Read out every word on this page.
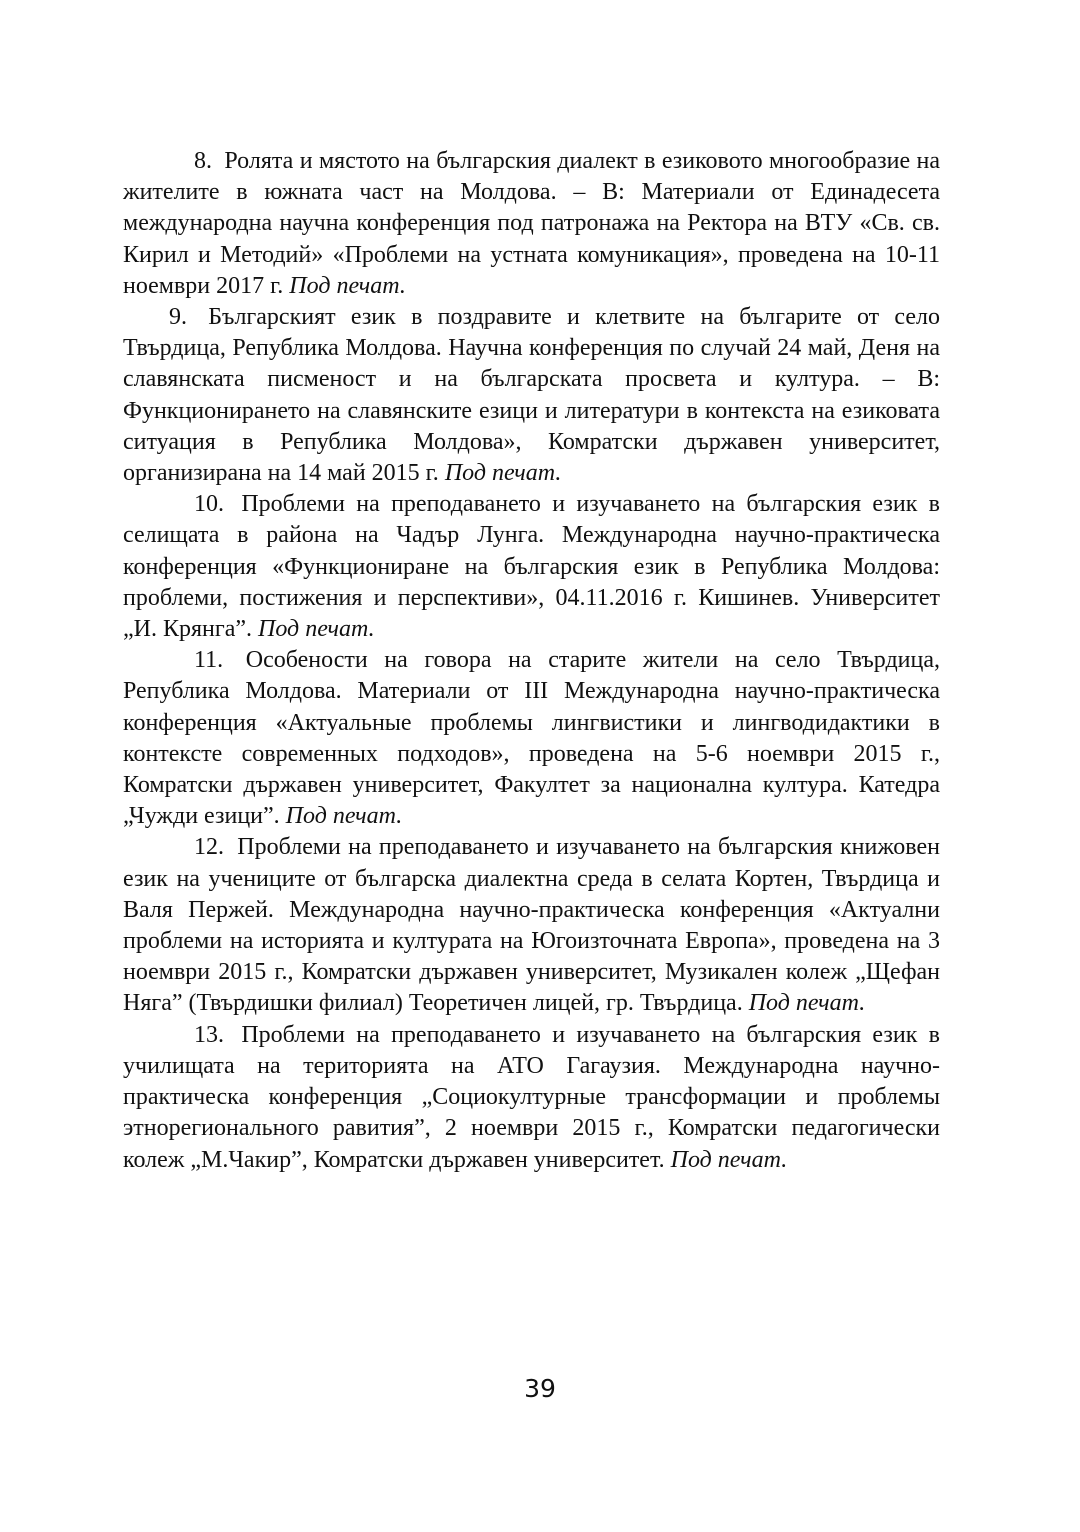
8. Ролята и мястото на българския диалект в езиковото многообразие на жителите в южната част на Молдова. – В: Материали от Единадесета международна научна конференция под патронажа на Ректора на ВТУ «Св. св. Кирил и Методий» «Проблеми на устната комуникация», проведена на 10-11 ноември 2017 г. Под печат.

9. Българският език в поздравите и клетвите на българите от село Твърдица, Република Молдова. Научна конференция по случай 24 май, Деня на славянската писменост и на българската просвета и култура. – В: Функционирането на славянските езици и литератури в контекста на езиковата ситуация в Република Молдова», Комратски държавен университет, организирана на 14 май 2015 г. Под печат.

10. Проблеми на преподаването и изучаването на българския език в селищата в района на Чадър Лунга. Международна научно-практическа конференция «Функциониране на българския език в Република Молдова: проблеми, постижения и перспективи», 04.11.2016 г. Кишинев. Университет „И. Крянга”. Под печат.

11. Особености на говора на старите жители на село Твърдица, Република Молдова. Материали от III Международна научно-практическа конференция «Актуальные проблемы лингвистики и лингводидактики в контексте современных подходов», проведена на 5-6 ноември 2015 г., Комратски държавен университет, Факултет за национална култура. Катедра „Чужди езици”. Под печат.

12. Проблеми на преподаването и изучаването на българския книжовен език на учениците от българска диалектна среда в селата Кортен, Твърдица и Валя Пержей. Международна научно-практическа конференция «Актуални проблеми на историята и културата на Югоизточната Европа», проведена на 3 ноември 2015 г., Комратски държавен университет, Музикален колеж „Щефан Няга” (Твърдишки филиал) Теоретичен лицей, гр. Твърдица. Под печат.

13. Проблеми на преподаването и изучаването на българския език в училищата на територията на АТО Гагаузия. Международна научно-практическа конференция „Социокултурные трансформации и проблемы этнорегионального равития”, 2 ноември 2015 г., Комратски педагогически колеж „М.Чакир”, Комратски държавен университет. Под печат.

39
